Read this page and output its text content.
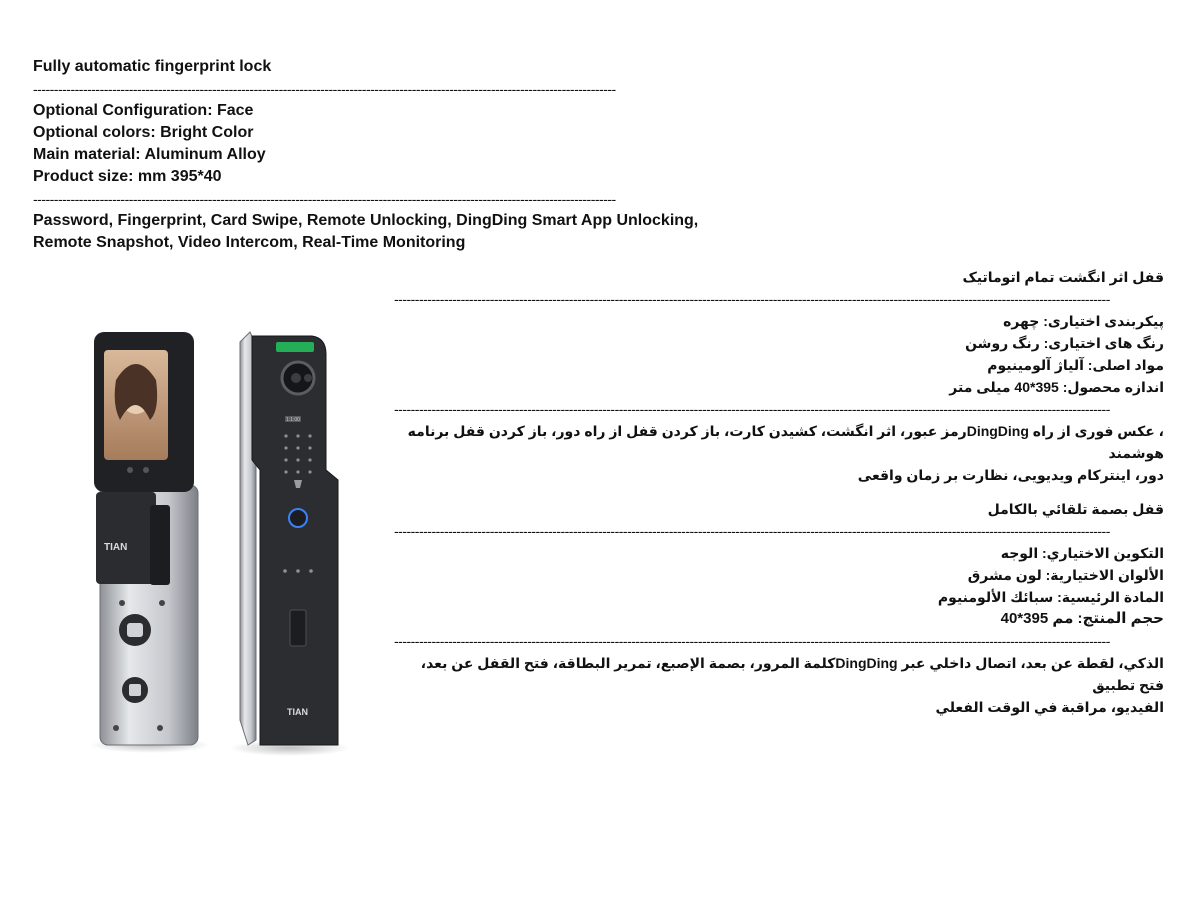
Fully automatic fingerprint lock
--------------------------------------------------------------------------------------------------------------------------------------------
Optional Configuration: Face
Optional colors: Bright Color
Main material: Aluminum Alloy
Product size: mm 395*40
--------------------------------------------------------------------------------------------------------------------------------------------
Password, Fingerprint, Card Swipe, Remote Unlocking, DingDing Smart App Unlocking,
Remote Snapshot, Video Intercom, Real-Time Monitoring
قفل اثر انگشت تمام اتوماتیک
----------------------------------------------------------------------------------------------------------------------------------------------------------------------------
پیکربندی اختیاری: چهره
رنگ های اختیاری: رنگ روشن
مواد اصلی: آلیاژ آلومینیوم
اندازه محصول: 395*40 میلی متر
----------------------------------------------------------------------------------------------------------------------------------------------------------------------------
، عکس فوری از راه DingDingرمز عبور، اثر انگشت، کشیدن کارت، باز کردن قفل از راه دور، باز کردن قفل برنامه هوشمند
دور، اینترکام ویدیویی، نظارت بر زمان واقعی
قفل بصمة تلقائي بالكامل
----------------------------------------------------------------------------------------------------------------------------------------------------------------------------
التكوين الاختياري: الوجه
الألوان الاختيارية: لون مشرق
المادة الرئيسية: سبائك الألومنيوم
حجم المنتج: مم 395*40
----------------------------------------------------------------------------------------------------------------------------------------------------------------------------
الذكي، لقطة عن بعد، اتصال داخلي عبر DingDingكلمة المرور، بصمة الإصبع، تمرير البطاقة، فتح القفل عن بعد، فتح تطبيق
الفيديو، مراقبة في الوقت الفعلي
TIAN
1:1:00
TIAN
